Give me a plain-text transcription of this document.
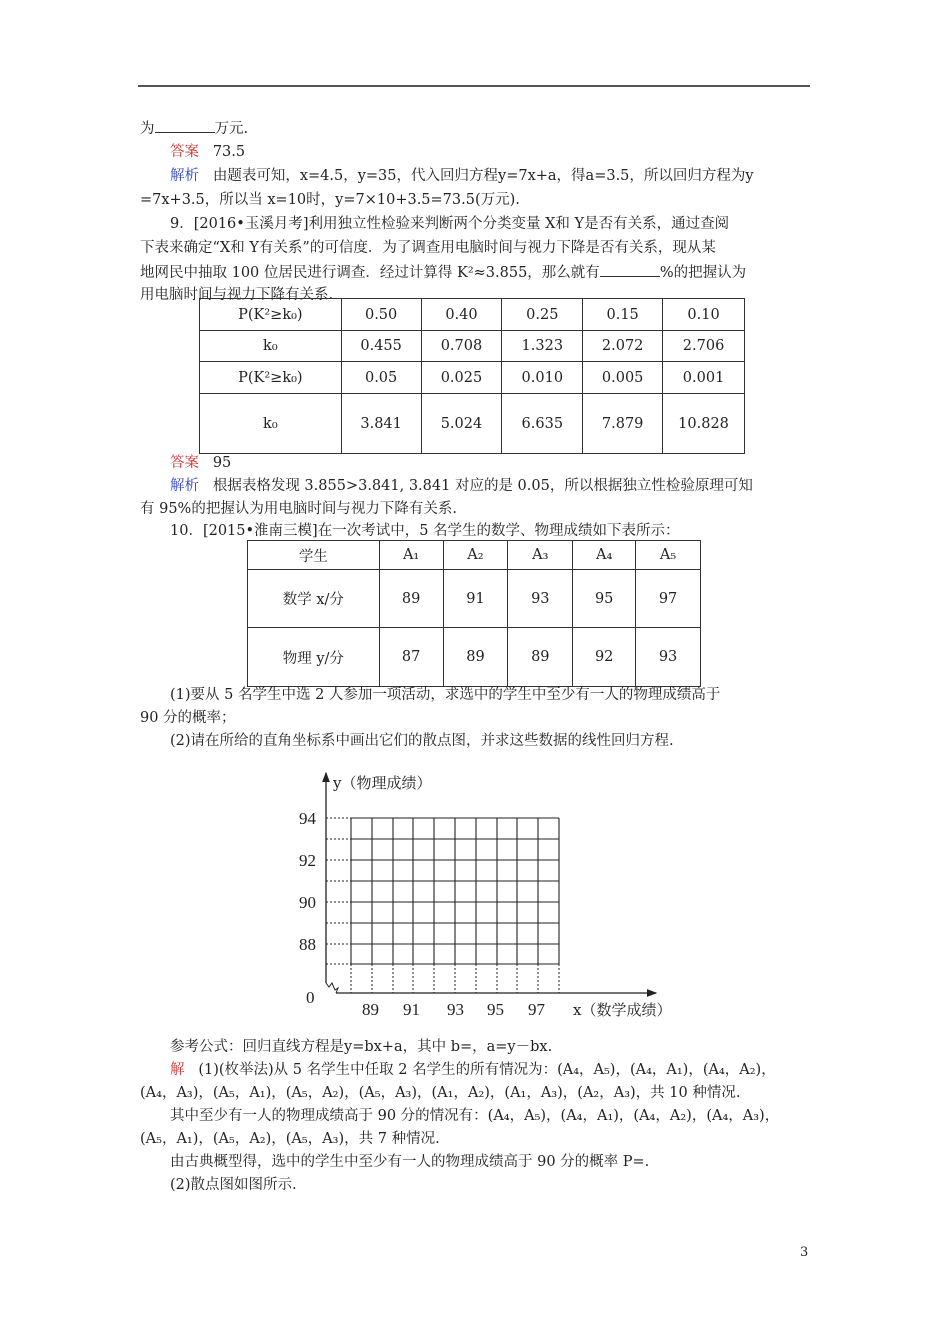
为	万元.
答案 73.5
解析 由题表可知，x=4.5，y=35，代入回归方程y=7x+a，得a=3.5，所以回归方程为y
=7x+3.5，所以当 x=10时，y=7×10+3.5=73.5(万元).
9．[2016•玉溪月考]利用独立性检验来判断两个分类变量 X和 Y是否有关系，通过查阅
下表来确定“X和 Y有关系”的可信度．为了调查用电脑时间与视力下降是否有关系，现从某
地网民中抽取 100 位居民进行调查．经过计算得 K²≈3.855，那么就有	%的把握认为
用电脑时间与视力下降有关系.
P(K²≥k₀)	0.50	0.40	0.25	0.15	0.10
k₀	0.455	0.708	1.323	2.072	2.706
P(K²≥k₀)	0.05	0.025	0.010	0.005	0.001
k₀	3.841	5.024	6.635	7.879	10.828
答案 95
解析 根据表格发现 3.855>3.841, 3.841 对应的是 0.05，所以根据独立性检验原理可知
有 95%的把握认为用电脑时间与视力下降有关系.
10．[2015•淮南三模]在一次考试中，5 名学生的数学、物理成绩如下表所示：
学生	A₁	A₂	A₃	A₄	A₅
数学 x/分	89	91	93	95	97
物理 y/分	87	89	89	92	93
(1)要从 5 名学生中选 2 人参加一项活动，求选中的学生中至少有一人的物理成绩高于
90 分的概率；
(2)请在所给的直角坐标系中画出它们的散点图，并求这些数据的线性回归方程.
94
92
90
88
0
89 91 93 95 97
y（物理成绩）
x（数学成绩）
参考公式：回归直线方程是y=bx+a，其中 b=，a=y－bx.
解 (1)(枚举法)从 5 名学生中任取 2 名学生的所有情况为：(A₄，A₅)，(A₄，A₁)，(A₄，A₂)，
(A₄，A₃)，(A₅，A₁)，(A₅，A₂)，(A₅，A₃)，(A₁，A₂)，(A₁，A₃)，(A₂，A₃)，共 10 种情况.
其中至少有一人的物理成绩高于 90 分的情况有：(A₄，A₅)，(A₄，A₁)，(A₄，A₂)，(A₄，A₃)，
(A₅，A₁)，(A₅，A₂)，(A₅，A₃)，共 7 种情况.
由古典概型得，选中的学生中至少有一人的物理成绩高于 90 分的概率 P=.
(2)散点图如图所示.
3
